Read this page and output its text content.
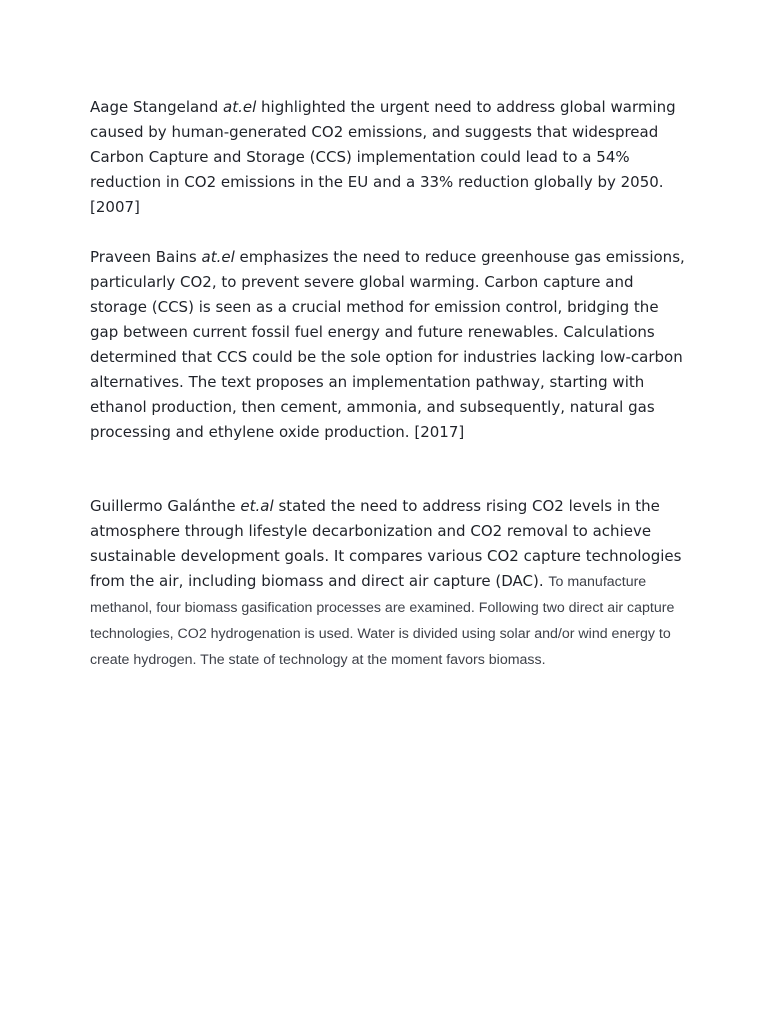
Aage Stangeland at.el highlighted the urgent need to address global warming caused by human-generated CO2 emissions, and suggests that widespread Carbon Capture and Storage (CCS) implementation could lead to a 54% reduction in CO2 emissions in the EU and a 33% reduction globally by 2050.[2007]

Praveen Bains at.el emphasizes the need to reduce greenhouse gas emissions, particularly CO2, to prevent severe global warming. Carbon capture and storage (CCS) is seen as a crucial method for emission control, bridging the gap between current fossil fuel energy and future renewables. Calculations determined that CCS could be the sole option for industries lacking low-carbon alternatives. The text proposes an implementation pathway, starting with ethanol production, then cement, ammonia, and subsequently, natural gas processing and ethylene oxide production. [2017]

Guillermo Galánthe et.al stated the need to address rising CO2 levels in the atmosphere through lifestyle decarbonization and CO2 removal to achieve sustainable development goals. It compares various CO2 capture technologies from the air, including biomass and direct air capture (DAC). To manufacture methanol, four biomass gasification processes are examined. Following two direct air capture technologies, CO2 hydrogenation is used. Water is divided using solar and/or wind energy to create hydrogen. The state of technology at the moment favors biomass.
